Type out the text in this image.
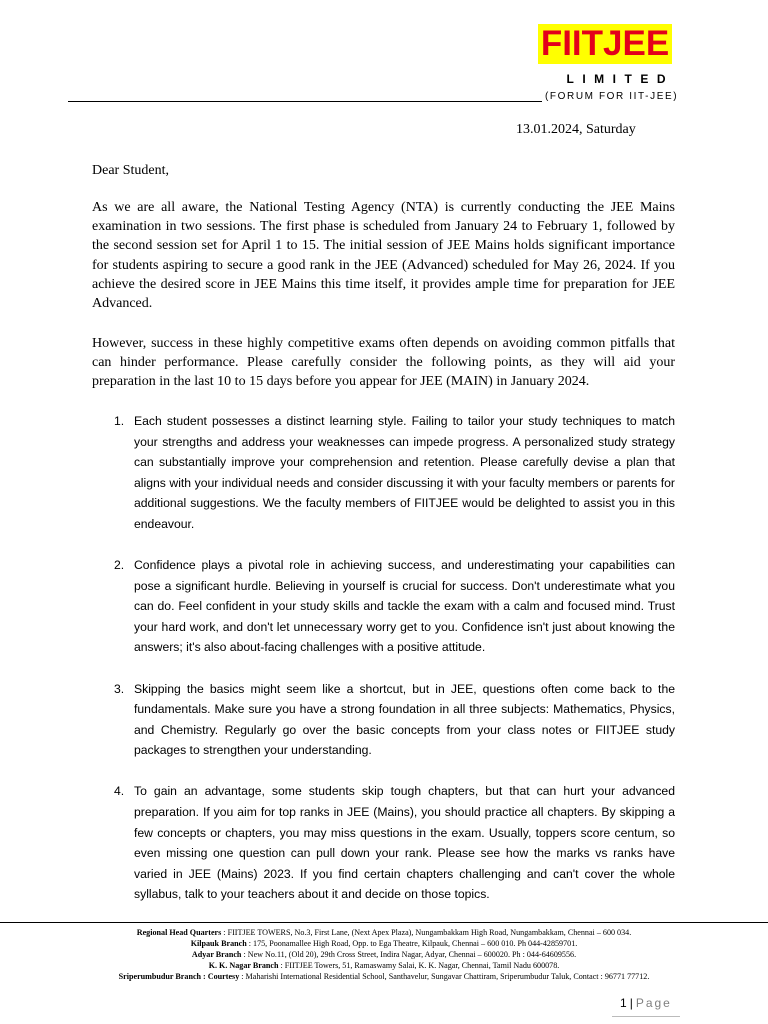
FIITJEE
LIMITED
(FORUM FOR IIT-JEE)
13.01.2024, Saturday

Dear Student,

As we are all aware, the National Testing Agency (NTA) is currently conducting the JEE Mains examination in two sessions. The first phase is scheduled from January 24 to February 1, followed by the second session set for April 1 to 15. The initial session of JEE Mains holds significant importance for students aspiring to secure a good rank in the JEE (Advanced) scheduled for May 26, 2024. If you achieve the desired score in JEE Mains this time itself, it provides ample time for preparation for JEE Advanced.

However, success in these highly competitive exams often depends on avoiding common pitfalls that can hinder performance. Please carefully consider the following points, as they will aid your preparation in the last 10 to 15 days before you appear for JEE (MAIN) in January 2024.

1. Each student possesses a distinct learning style. Failing to tailor your study techniques to match your strengths and address your weaknesses can impede progress. A personalized study strategy can substantially improve your comprehension and retention. Please carefully devise a plan that aligns with your individual needs and consider discussing it with your faculty members or parents for additional suggestions. We the faculty members of FIITJEE would be delighted to assist you in this endeavour.
2. Confidence plays a pivotal role in achieving success, and underestimating your capabilities can pose a significant hurdle. Believing in yourself is crucial for success. Don't underestimate what you can do. Feel confident in your study skills and tackle the exam with a calm and focused mind. Trust your hard work, and don't let unnecessary worry get to you. Confidence isn't just about knowing the answers; it's also about-facing challenges with a positive attitude.
3. Skipping the basics might seem like a shortcut, but in JEE, questions often come back to the fundamentals. Make sure you have a strong foundation in all three subjects: Mathematics, Physics, and Chemistry. Regularly go over the basic concepts from your class notes or FIITJEE study packages to strengthen your understanding.
4. To gain an advantage, some students skip tough chapters, but that can hurt your advanced preparation. If you aim for top ranks in JEE (Mains), you should practice all chapters. By skipping a few concepts or chapters, you may miss questions in the exam. Usually, toppers score centum, so even missing one question can pull down your rank. Please see how the marks vs ranks have varied in JEE (Mains) 2023. If you find certain chapters challenging and can't cover the whole syllabus, talk to your teachers about it and decide on those topics.

Regional Head Quarters : FIITJEE TOWERS, No.3, First Lane, (Next Apex Plaza), Nungambakkam High Road, Nungambakkam, Chennai – 600 034.

Kilpauk Branch : 175, Poonamallee High Road, Opp. to Ega Theatre, Kilpauk, Chennai – 600 010. Ph 044-42859701.

Adyar Branch : New No.11, (Old 20), 29th Cross Street, Indira Nagar, Adyar, Chennai – 600020. Ph : 044-64609556.

K. K. Nagar Branch : FIITJEE Towers, 51, Ramaswamy Salai, K. K. Nagar, Chennai, Tamil Nadu 600078.

Sriperumbudur Branch : Courtesy : Maharishi International Residential School, Santhavelur, Sungavar Chattiram, Sriperumbudur Taluk, Contact : 96771 77712.

1 | Page
